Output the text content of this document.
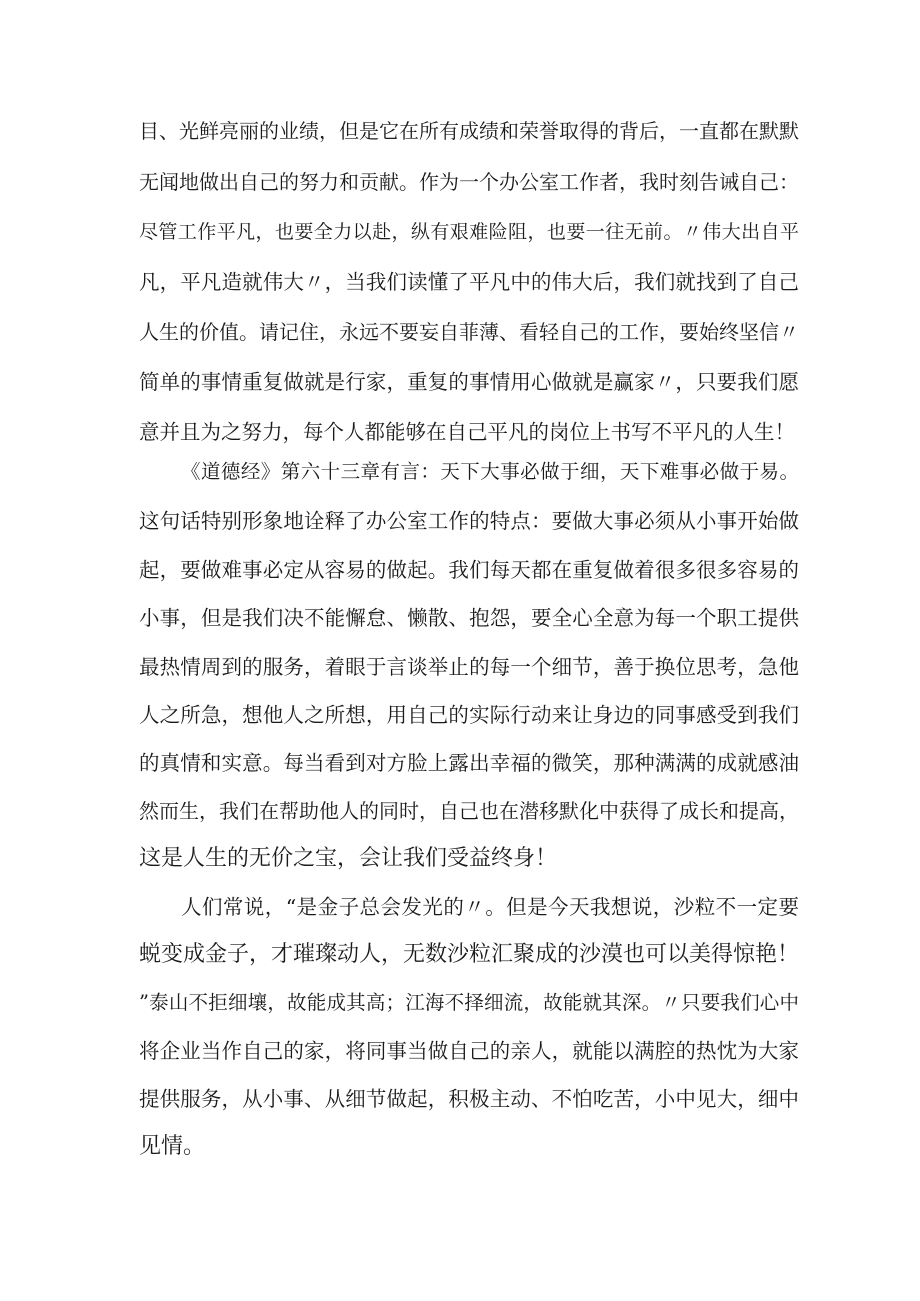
目、光鲜亮丽的业绩，但是它在所有成绩和荣誉取得的背后，一直都在默默
无闻地做出自己的努力和贡献。作为一个办公室工作者，我时刻告诫自己：
尽管工作平凡，也要全力以赴，纵有艰难险阻，也要一往无前。〃伟大出自平
凡，平凡造就伟大〃，当我们读懂了平凡中的伟大后，我们就找到了自己
人生的价值。请记住，永远不要妄自菲薄、看轻自己的工作，要始终坚信〃
简单的事情重复做就是行家，重复的事情用心做就是赢家〃，只要我们愿
意并且为之努力，每个人都能够在自己平凡的岗位上书写不平凡的人生！
《道德经》第六十三章有言：天下大事必做于细，天下难事必做于易。
这句话特别形象地诠释了办公室工作的特点：要做大事必须从小事开始做
起，要做难事必定从容易的做起。我们每天都在重复做着很多很多容易的
小事，但是我们决不能懈怠、懒散、抱怨，要全心全意为每一个职工提供
最热情周到的服务，着眼于言谈举止的每一个细节，善于换位思考，急他
人之所急，想他人之所想，用自己的实际行动来让身边的同事感受到我们
的真情和实意。每当看到对方脸上露出幸福的微笑，那种满满的成就感油
然而生，我们在帮助他人的同时，自己也在潜移默化中获得了成长和提高，
这是人生的无价之宝，会让我们受益终身！
人们常说，“是金子总会发光的〃。但是今天我想说，沙粒不一定要
蜕变成金子，才璀璨动人，无数沙粒汇聚成的沙漠也可以美得惊艳！
”泰山不拒细壤，故能成其高；江海不择细流，故能就其深。〃只要我们心中
将企业当作自己的家，将同事当做自己的亲人，就能以满腔的热忱为大家
提供服务，从小事、从细节做起，积极主动、不怕吃苦，小中见大，细中
见情。
